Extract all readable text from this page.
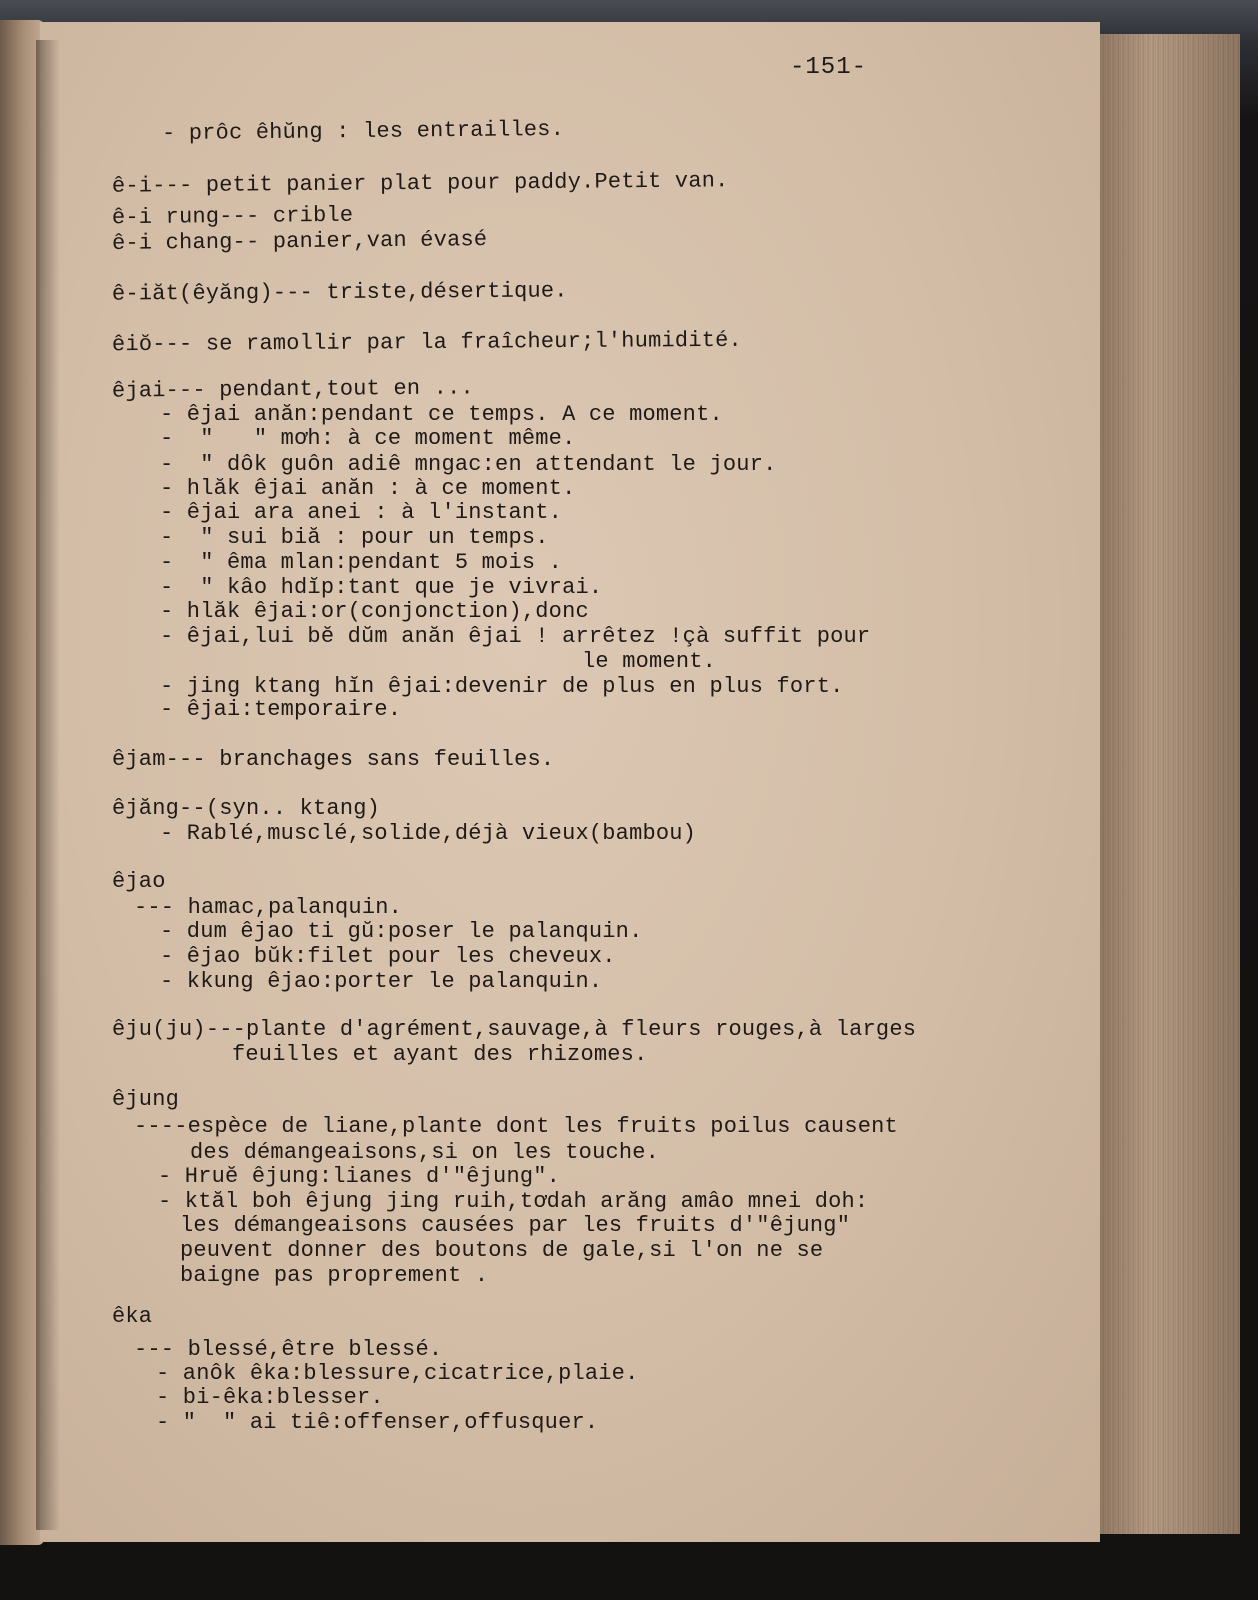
-151-
- prôc êhŭng : les entrailles.
ê-i--- petit panier plat pour paddy.Petit van.
ê-i rung--- crible
ê-i chang-- panier,van évasé
ê-iăt(êyăng)--- triste,désertique.
êiŏ--- se ramollir par la fraîcheur;l'humidité.
êjai--- pendant,tout en ...
- êjai anăn:pendant ce temps. A ce moment.
-  "   " mơh: à ce moment même.
-  " dôk guôn adiê mngac:en attendant le jour.
- hlăk êjai anăn : à ce moment.
- êjai ara anei : à l'instant.
-  " sui biă : pour un temps.
-  " êma mlan:pendant 5 mois .
-  " kâo hdĭp:tant que je vivrai.
- hlăk êjai:or(conjonction),donc
- êjai,lui bĕ dŭm anăn êjai ! arrêtez !çà suffit pour
le moment.
- jing ktang hĭn êjai:devenir de plus en plus fort.
- êjai:temporaire.
êjam--- branchages sans feuilles.
êjăng--(syn.. ktang)
- Rablé,musclé,solide,déjà vieux(bambou)
êjao
--- hamac,palanquin.
- dum êjao ti gŭ:poser le palanquin.
- êjao bŭk:filet pour les cheveux.
- kkung êjao:porter le palanquin.
êju(ju)---plante d'agrément,sauvage,à fleurs rouges,à larges
feuilles et ayant des rhizomes.
êjung
----espèce de liane,plante dont les fruits poilus causent
des démangeaisons,si on les touche.
- Hruĕ êjung:lianes d'"êjung".
- ktăl boh êjung jing ruih,tơdah arăng amâo mnei doh:
les démangeaisons causées par les fruits d'"êjung"
peuvent donner des boutons de gale,si l'on ne se
baigne pas proprement .
êka
--- blessé,être blessé.
- anôk êka:blessure,cicatrice,plaie.
- bi-êka:blesser.
- "  " ai tiê:offenser,offusquer.
